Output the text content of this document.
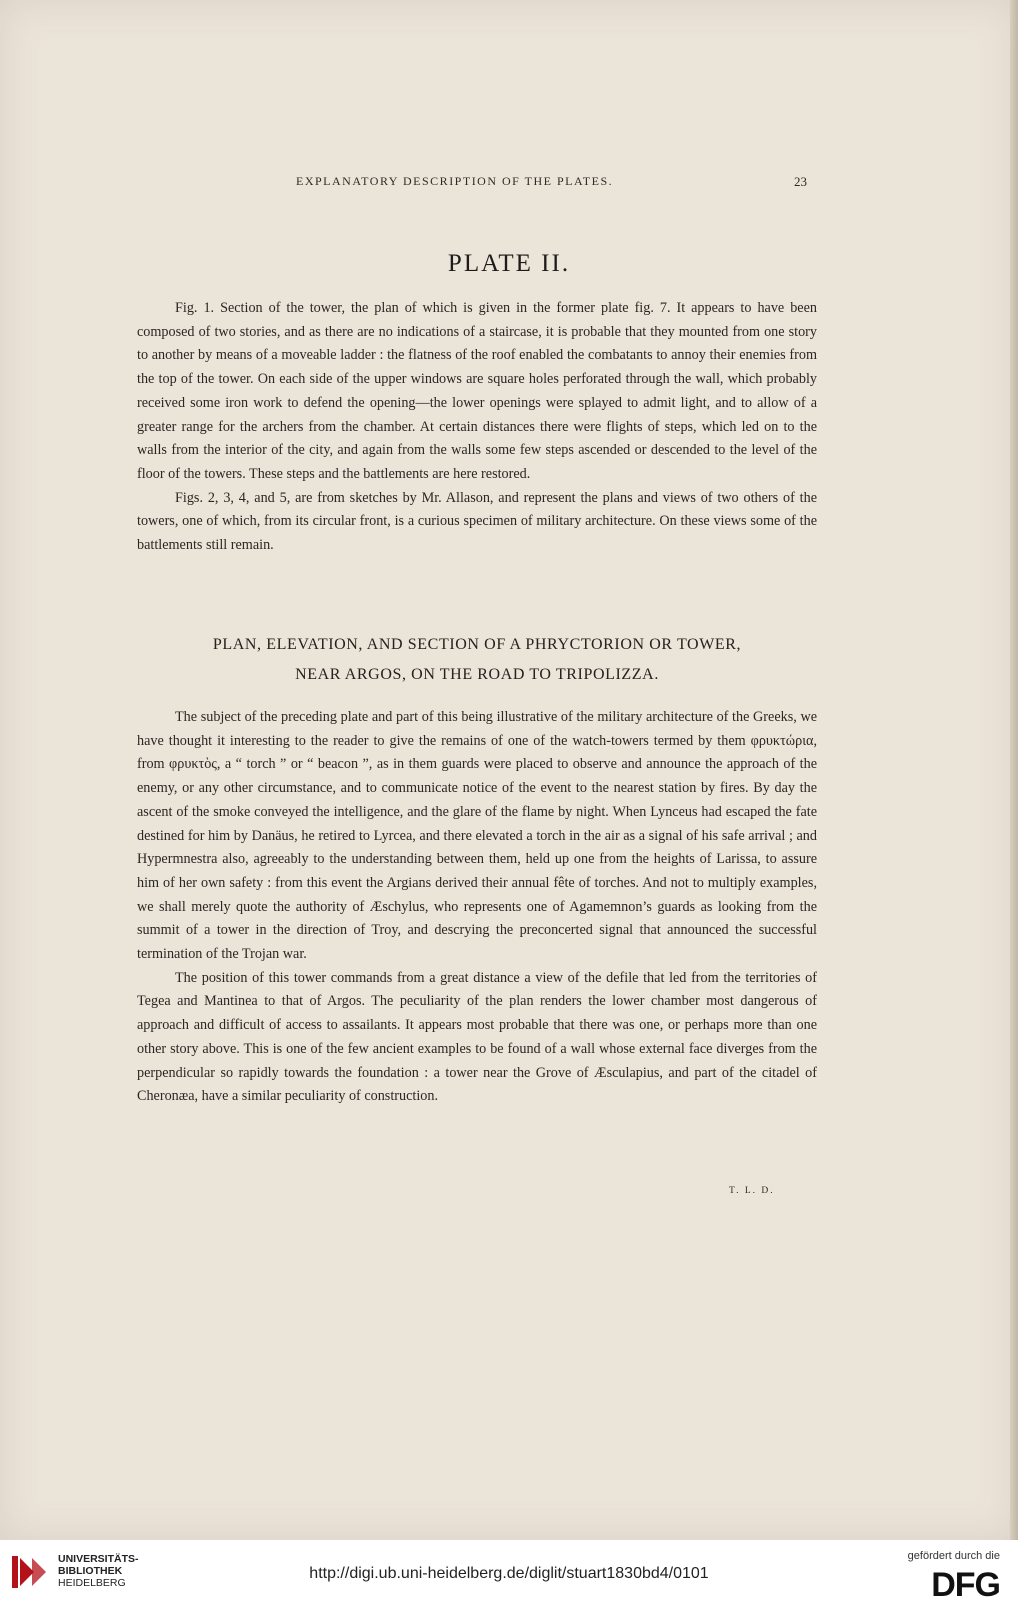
EXPLANATORY DESCRIPTION OF THE PLATES.	23
PLATE II.

Fig. 1. Section of the tower, the plan of which is given in the former plate fig. 7. It appears to have been composed of two stories, and as there are no indications of a staircase, it is probable that they mounted from one story to another by means of a moveable ladder : the flatness of the roof enabled the combatants to annoy their enemies from the top of the tower. On each side of the upper windows are square holes perforated through the wall, which probably received some iron work to defend the opening—the lower openings were splayed to admit light, and to allow of a greater range for the archers from the chamber. At certain distances there were flights of steps, which led on to the walls from the interior of the city, and again from the walls some few steps ascended or descended to the level of the floor of the towers. These steps and the battlements are here restored.

Figs. 2, 3, 4, and 5, are from sketches by Mr. Allason, and represent the plans and views of two others of the towers, one of which, from its circular front, is a curious specimen of military architecture. On these views some of the battlements still remain.

PLAN, ELEVATION, AND SECTION OF A PHRYCTORION OR TOWER,
NEAR ARGOS, ON THE ROAD TO TRIPOLIZZA.

The subject of the preceding plate and part of this being illustrative of the military architecture of the Greeks, we have thought it interesting to the reader to give the remains of one of the watch-towers termed by them φρυκτώρια, from φρυκτὸς, a “ torch ” or “ beacon ”, as in them guards were placed to observe and announce the approach of the enemy, or any other circumstance, and to communicate notice of the event to the nearest station by fires. By day the ascent of the smoke conveyed the intelligence, and the glare of the flame by night. When Lynceus had escaped the fate destined for him by Danäus, he retired to Lyrcea, and there elevated a torch in the air as a signal of his safe arrival ; and Hypermnestra also, agreeably to the understanding between them, held up one from the heights of Larissa, to assure him of her own safety : from this event the Argians derived their annual fête of torches. And not to multiply examples, we shall merely quote the authority of Æschylus, who represents one of Agamemnon’s guards as looking from the summit of a tower in the direction of Troy, and descrying the preconcerted signal that announced the successful termination of the Trojan war.

The position of this tower commands from a great distance a view of the defile that led from the territories of Tegea and Mantinea to that of Argos. The peculiarity of the plan renders the lower chamber most dangerous of approach and difficult of access to assailants. It appears most probable that there was one, or perhaps more than one other story above. This is one of the few ancient examples to be found of a wall whose external face diverges from the perpendicular so rapidly towards the foundation : a tower near the Grove of Æsculapius, and part of the citadel of Cheronæa, have a similar peculiarity of construction.

T. L. D.
UNIVERSITÄTS-
BIBLIOTHEK
HEIDELBERG
http://digi.ub.uni-heidelberg.de/diglit/stuart1830bd4/0101
gefördert durch die
DFG
